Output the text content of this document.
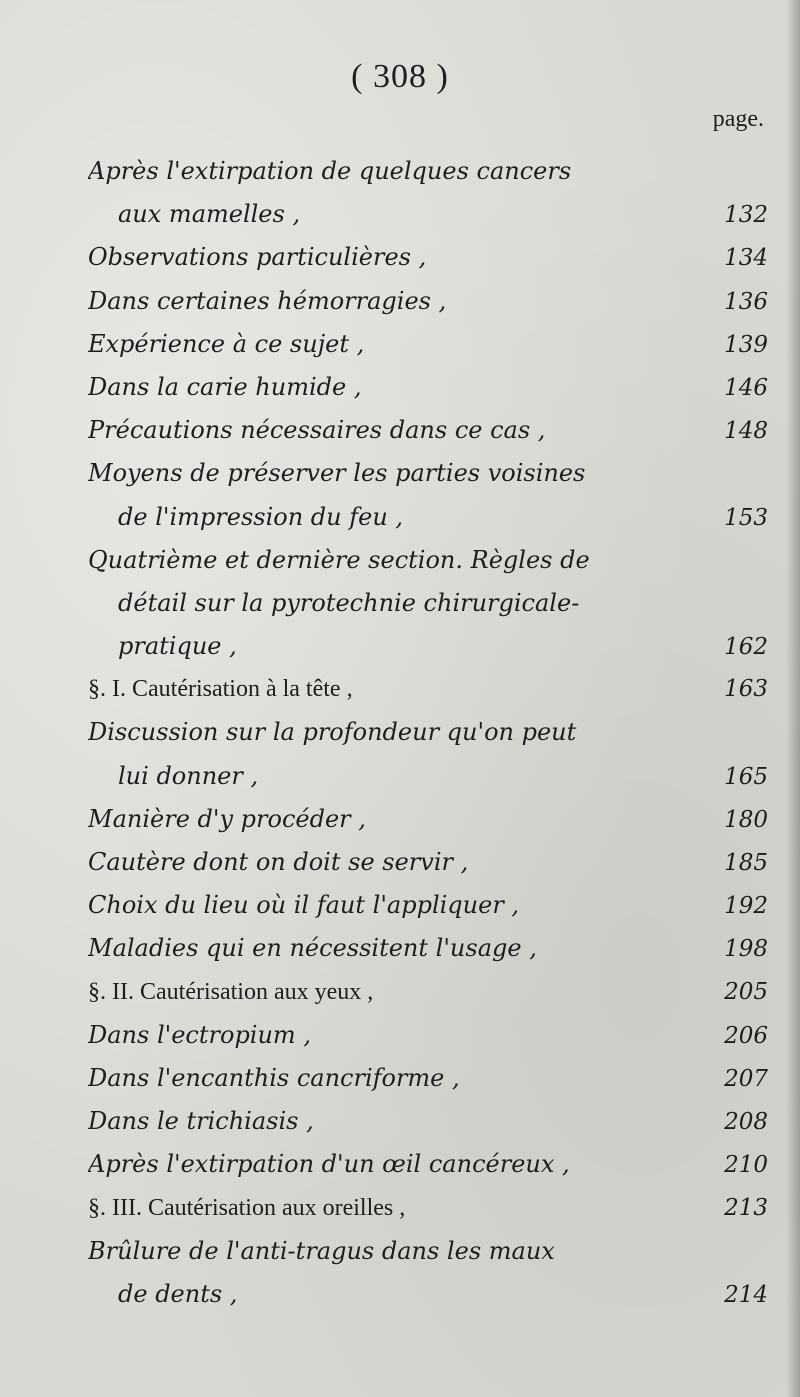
( 308 )
page.
Après l'extirpation de quelques cancers
aux mamelles ,	132
Observations particulières ,	134
Dans certaines hémorragies ,	136
Expérience à ce sujet ,	139
Dans la carie humide ,	146
Précautions nécessaires dans ce cas ,	148
Moyens de préserver les parties voisines
de l'impression du feu ,	153
Quatrième et dernière section. Règles de
détail sur la pyrotechnie chirurgicale-
pratique ,	162
§. I. Cautérisation à la tête ,	163
Discussion sur la profondeur qu'on peut
lui donner ,	165
Manière d'y procéder ,	180
Cautère dont on doit se servir ,	185
Choix du lieu où il faut l'appliquer ,	192
Maladies qui en nécessitent l'usage ,	198
§. II. Cautérisation aux yeux ,	205
Dans l'ectropium ,	206
Dans l'encanthis cancriforme ,	207
Dans le trichiasis ,	208
Après l'extirpation d'un œil cancéreux ,	210
§. III. Cautérisation aux oreilles ,	213
Brûlure de l'anti-tragus dans les maux
de dents ,	214
